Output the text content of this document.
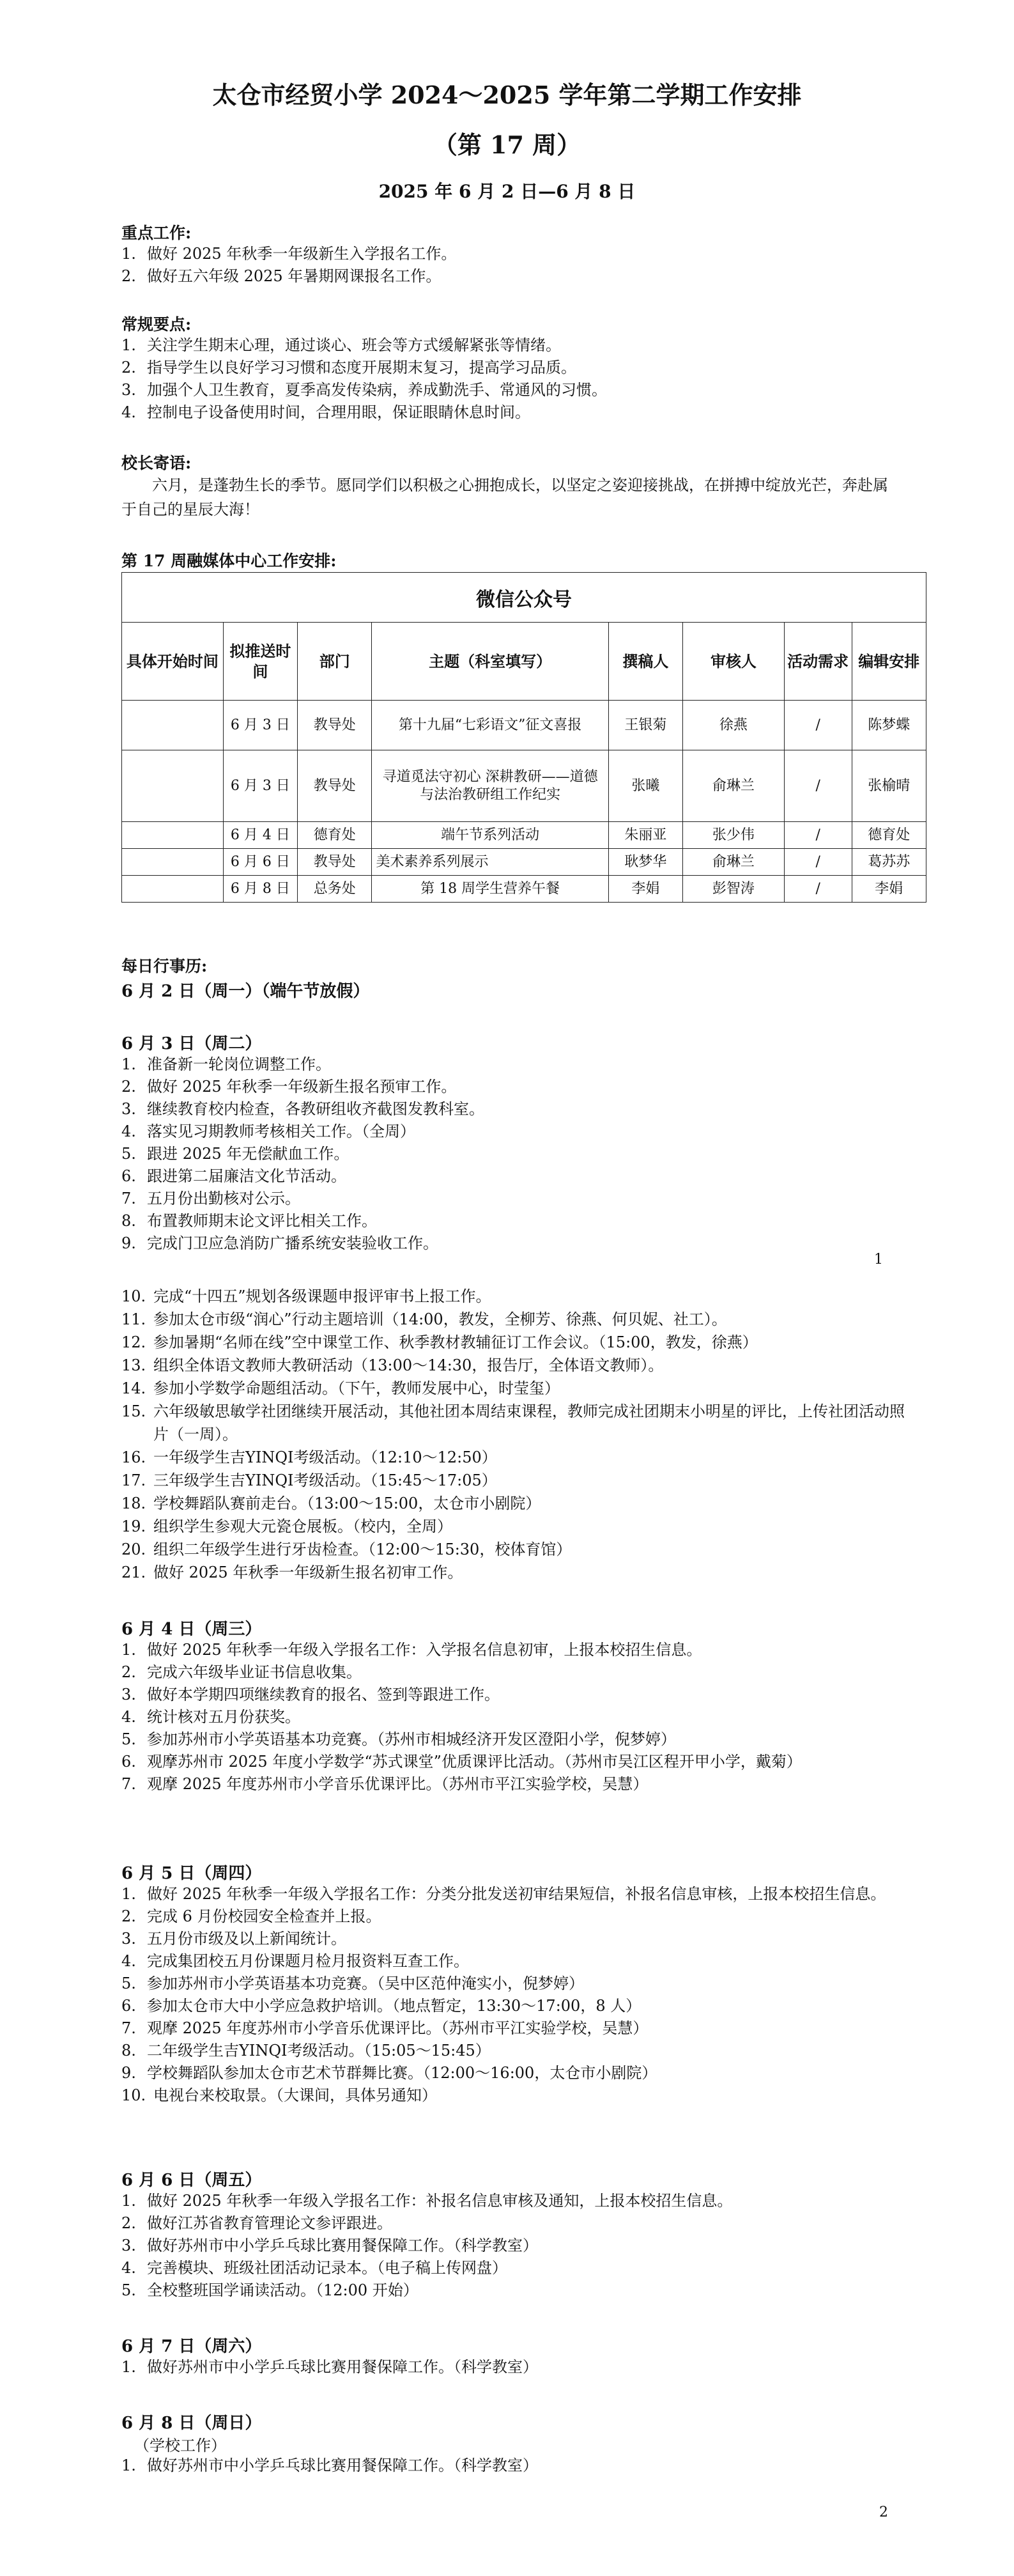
太仓市经贸小学 2024～2025 学年第二学期工作安排
（第 17 周）
2025 年 6 月 2 日—6 月 8 日
重点工作:
1. 做好 2025 年秋季一年级新生入学报名工作。
2. 做好五六年级 2025 年暑期网课报名工作。
常规要点:
1. 关注学生期末心理，通过谈心、班会等方式缓解紧张等情绪。
2. 指导学生以良好学习习惯和态度开展期末复习，提高学习品质。
3. 加强个人卫生教育，夏季高发传染病，养成勤洗手、常通风的习惯。
4. 控制电子设备使用时间，合理用眼，保证眼睛休息时间。
校长寄语:
六月，是蓬勃生长的季节。愿同学们以积极之心拥抱成长，以坚定之姿迎接挑战，在拼搏中绽放光芒，奔赴属于自己的星辰大海！
第 17 周融媒体中心工作安排:
微信公众号							
具体开始时间	拟推送时间	部门	主题（科室填写）	撰稿人	审核人	活动需求	编辑安排
	6 月 3 日	教导处	第十九届“七彩语文”征文喜报	王银菊	徐燕	/	陈梦蝶
	6 月 3 日	教导处	寻道觅法守初心 深耕教研——道德与法治教研组工作纪实	张曦	俞琳兰	/	张榆晴
	6 月 4 日	德育处	端午节系列活动	朱丽亚	张少伟	/	德育处
	6 月 6 日	教导处	美术素养系列展示	耿梦华	俞琳兰	/	葛苏苏
	6 月 8 日	总务处	第 18 周学生营养午餐	李娟	彭智涛	/	李娟
每日行事历:
6 月 2 日（周一）（端午节放假）
6 月 3 日（周二）
1. 准备新一轮岗位调整工作。
2. 做好 2025 年秋季一年级新生报名预审工作。
3. 继续教育校内检查，各教研组收齐截图发教科室。
4. 落实见习期教师考核相关工作。（全周）
5. 跟进 2025 年无偿献血工作。
6. 跟进第二届廉洁文化节活动。
7. 五月份出勤核对公示。
8. 布置教师期末论文评比相关工作。
9. 完成门卫应急消防广播系统安装验收工作。
1
10. 完成“十四五”规划各级课题申报评审书上报工作。
11. 参加太仓市级“润心”行动主题培训（14:00，教发，全柳芳、徐燕、何贝妮、社工）。
12. 参加暑期“名师在线”空中课堂工作、秋季教材教辅征订工作会议。（15:00，教发，徐燕）
13. 组织全体语文教师大教研活动（13:00～14:30，报告厅，全体语文教师）。
14. 参加小学数学命题组活动。（下午，教师发展中心，时莹玺）
15. 六年级敏思敏学社团继续开展活动，其他社团本周结束课程，教师完成社团期末小明星的评比，上传社团活动照片（一周）。
16. 一年级学生吉YINQI考级活动。（12:10～12:50）
17. 三年级学生吉YINQI考级活动。（15:45～17:05）
18. 学校舞蹈队赛前走台。（13:00～15:00，太仓市小剧院）
19. 组织学生参观大元瓷仓展板。（校内，全周）
20. 组织二年级学生进行牙齿检查。（12:00～15:30，校体育馆）
21. 做好 2025 年秋季一年级新生报名初审工作。
6 月 4 日（周三）
1. 做好 2025 年秋季一年级入学报名工作：入学报名信息初审，上报本校招生信息。
2. 完成六年级毕业证书信息收集。
3. 做好本学期四项继续教育的报名、签到等跟进工作。
4. 统计核对五月份获奖。
5. 参加苏州市小学英语基本功竞赛。（苏州市相城经济开发区澄阳小学，倪梦婷）
6. 观摩苏州市 2025 年度小学数学“苏式课堂”优质课评比活动。（苏州市吴江区程开甲小学，戴菊）
7. 观摩 2025 年度苏州市小学音乐优课评比。（苏州市平江实验学校，吴慧）
6 月 5 日（周四）
1. 做好 2025 年秋季一年级入学报名工作：分类分批发送初审结果短信，补报名信息审核，上报本校招生信息。
2. 完成 6 月份校园安全检查并上报。
3. 五月份市级及以上新闻统计。
4. 完成集团校五月份课题月检月报资料互查工作。
5. 参加苏州市小学英语基本功竞赛。（吴中区范仲淹实小，倪梦婷）
6. 参加太仓市大中小学应急救护培训。（地点暂定，13:30～17:00，8 人）
7. 观摩 2025 年度苏州市小学音乐优课评比。（苏州市平江实验学校，吴慧）
8. 二年级学生吉YINQI考级活动。（15:05～15:45）
9. 学校舞蹈队参加太仓市艺术节群舞比赛。（12:00～16:00，太仓市小剧院）
10. 电视台来校取景。（大课间，具体另通知）
6 月 6 日（周五）
1. 做好 2025 年秋季一年级入学报名工作：补报名信息审核及通知，上报本校招生信息。
2. 做好江苏省教育管理论文参评跟进。
3. 做好苏州市中小学乒乓球比赛用餐保障工作。（科学教室）
4. 完善模块、班级社团活动记录本。（电子稿上传网盘）
5. 全校整班国学诵读活动。（12:00 开始）
6 月 7 日（周六）
1. 做好苏州市中小学乒乓球比赛用餐保障工作。（科学教室）
6 月 8 日（周日）
（学校工作）
1. 做好苏州市中小学乒乓球比赛用餐保障工作。（科学教室）
2
